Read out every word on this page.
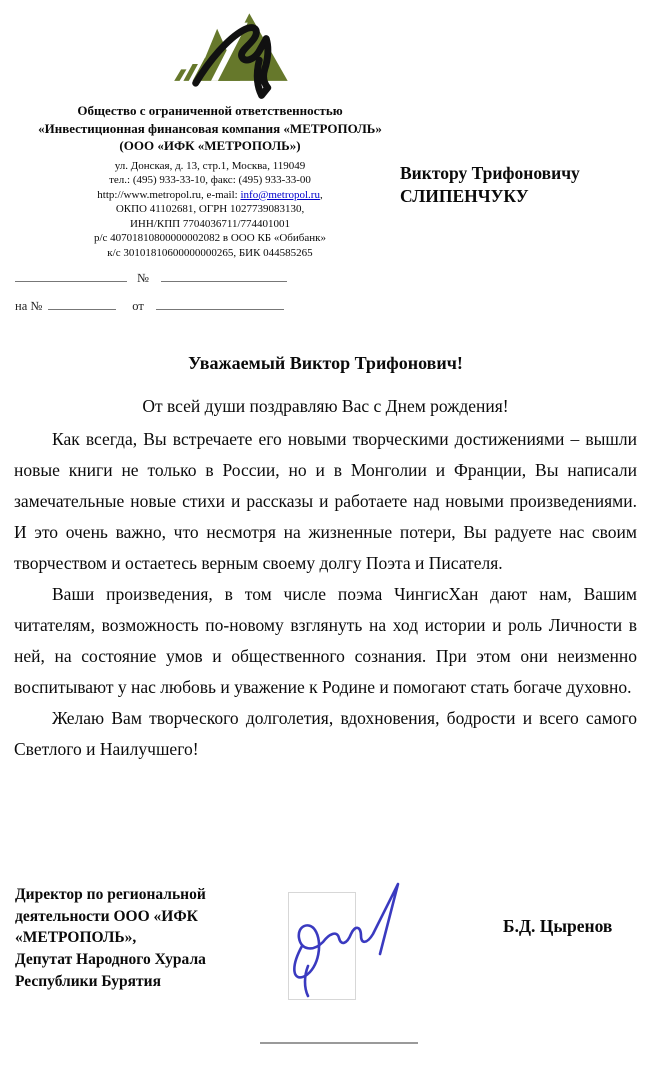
Общество с ограниченной ответственностью
«Инвестиционная финансовая компания «МЕТРОПОЛЬ»
(ООО «ИФК «МЕТРОПОЛЬ»)
ул. Донская, д. 13, стр.1, Москва, 119049
тел.: (495) 933-33-10, факс: (495) 933-33-00
http://www.metropol.ru, e-mail: info@metropol.ru,
ОКПО 41102681, ОГРН 1027739083130,
ИНН/КПП 7704036711/774401001
р/с 40701810800000002082 в ООО КБ «Обибанк»
к/с 30101810600000000265, БИК 044585265
Виктору Трифоновичу
СЛИПЕНЧУКУ
№
на №	от
Уважаемый Виктор Трифонович!

От всей души поздравляю Вас с Днем рождения!

Как всегда, Вы встречаете его новыми творческими достижениями – вышли новые книги не только в России, но и в Монголии и Франции, Вы написали замечательные новые стихи и рассказы и работаете над новыми произведениями. И это очень важно, что несмотря на жизненные потери, Вы радуете нас своим творчеством и остаетесь верным своему долгу Поэта и Писателя.

Ваши произведения, в том числе поэма ЧингисХан дают нам, Вашим читателям, возможность по-новому взглянуть на ход истории и роль Личности в ней, на состояние умов и общественного сознания. При этом они неизменно воспитывают у нас любовь и уважение к Родине и помогают стать богаче духовно.

Желаю Вам творческого долголетия, вдохновения, бодрости и всего самого Светлого и Наилучшего!

Директор по региональной
деятельности ООО «ИФК
«МЕТРОПОЛЬ»,
Депутат Народного Хурала
Республики Бурятия
Б.Д. Цыренов
